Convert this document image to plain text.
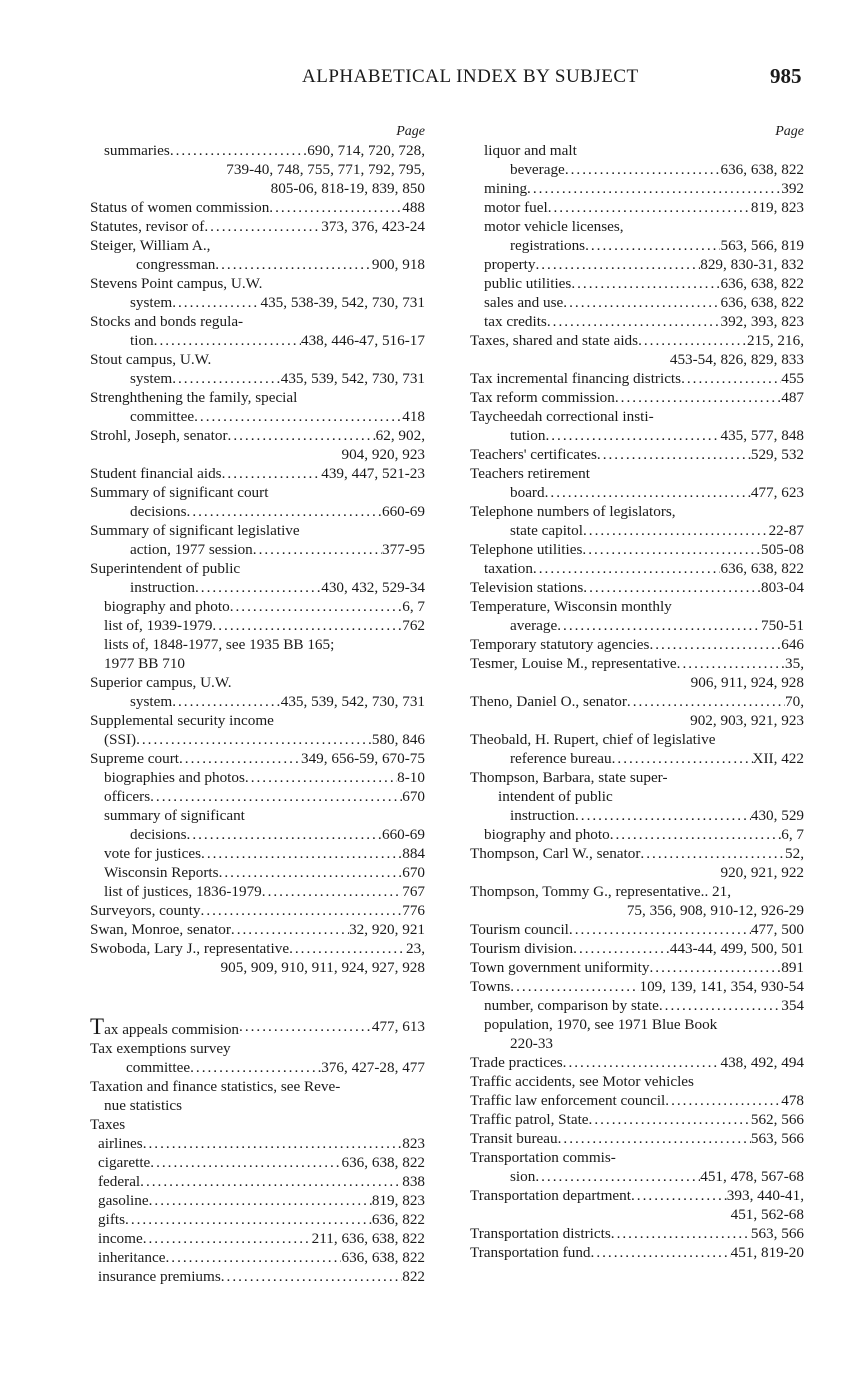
ALPHABETICAL INDEX BY SUBJECT	985
Page
summaries .....	690, 714, 720, 728,
739-40, 748, 755, 771, 792, 795,
805-06, 818-19, 839, 850
Status of women commission .....	488
Statutes, revisor of .....	373, 376, 423-24
Steiger, William A.,
congressman .....	900, 918
Stevens Point campus, U.W.
system .....	435, 538-39, 542, 730, 731
Stocks and bonds regula-
tion .....	438, 446-47, 516-17
Stout campus, U.W.
system .....	435, 539, 542, 730, 731
Strenghthening the family, special
committee .....	418
Strohl, Joseph, senator .....	62, 902,
904, 920, 923
Student financial aids .....	439, 447, 521-23
Summary of significant court
decisions .....	660-69
Summary of significant legislative
action, 1977 session .....	377-95
Superintendent of public
instruction .....	430, 432, 529-34
biography and photo .....	6, 7
list of, 1939-1979 .....	762
lists of, 1848-1977, see 1935 BB 165;
1977 BB 710
Superior campus, U.W.
system .....	435, 539, 542, 730, 731
Supplemental security income
(SSI) .....	580, 846
Supreme court .....	349, 656-59, 670-75
biographies and photos .....	8-10
officers .....	670
summary of significant
decisions .....	660-69
vote for justices .....	884
Wisconsin Reports .....	670
list of justices, 1836-1979 .....	767
Surveyors, county .....	776
Swan, Monroe, senator .....	32, 920, 921
Swoboda, Lary J., representative .....	23,
905, 909, 910, 911, 924, 927, 928
Tax appeals commision .....	477, 613
Tax exemptions survey
committee .....	376, 427-28, 477
Taxation and finance statistics, see Reve-
nue statistics
Taxes
airlines .....	823
cigarette .....	636, 638, 822
federal .....	838
gasoline .....	819, 823
gifts .....	636, 822
income .....	211, 636, 638, 822
inheritance .....	636, 638, 822
insurance premiums .....	822
Page
liquor and malt
beverage .....	636, 638, 822
mining .....	392
motor fuel .....	819, 823
motor vehicle licenses,
registrations .....	563, 566, 819
property .....	829, 830-31, 832
public utilities .....	636, 638, 822
sales and use .....	636, 638, 822
tax credits .....	392, 393, 823
Taxes, shared and state aids .....	215, 216,
453-54, 826, 829, 833
Tax incremental financing districts .....	455
Tax reform commission .....	487
Taycheedah correctional insti-
tution .....	435, 577, 848
Teachers' certificates .....	529, 532
Teachers retirement
board .....	477, 623
Telephone numbers of legislators,
state capitol .....	22-87
Telephone utilities .....	505-08
taxation .....	636, 638, 822
Television stations .....	803-04
Temperature, Wisconsin monthly
average .....	750-51
Temporary statutory agencies .....	646
Tesmer, Louise M., representative .....	35,
906, 911, 924, 928
Theno, Daniel O., senator .....	70,
902, 903, 921, 923
Theobald, H. Rupert, chief of legislative
reference bureau .....	XII, 422
Thompson, Barbara, state super-
intendent of public
instruction .....	430, 529
biography and photo .....	6, 7
Thompson, Carl W., senator .....	52,
920, 921, 922
Thompson, Tommy G., representative.. 21,
75, 356, 908, 910-12, 926-29
Tourism council .....	477, 500
Tourism division .....	443-44, 499, 500, 501
Town government uniformity .....	891
Towns .....	109, 139, 141, 354, 930-54
number, comparison by state .....	354
population, 1970, see 1971 Blue Book
220-33
Trade practices .....	438, 492, 494
Traffic accidents, see Motor vehicles
Traffic law enforcement council .....	478
Traffic patrol, State .....	562, 566
Transit bureau .....	563, 566
Transportation commis-
sion .....	451, 478, 567-68
Transportation department .....	393, 440-41,
451, 562-68
Transportation districts .....	563, 566
Transportation fund .....	451, 819-20
